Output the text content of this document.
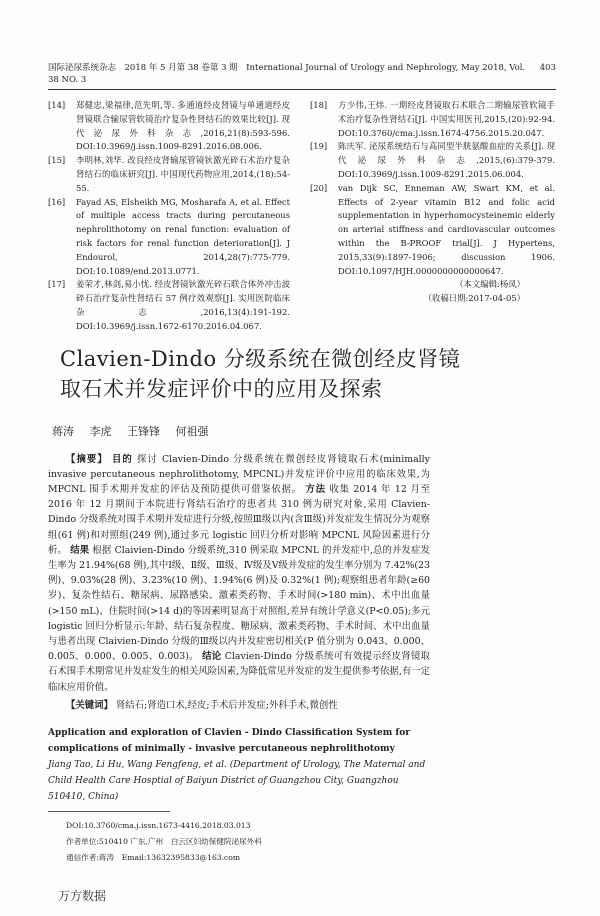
国际泌尿系统杂志　2018 年 5 月第 38 卷第 3 期　International Journal of Urology and Nephrology, May 2018, Vol. 38 NO. 3
403
[14]	郑健忠,梁福律,范先明,等. 多通道经皮肾镜与单通道经皮肾镜联合输尿管软镜治疗复杂性肾结石的效果比较[J]. 现代泌尿外科杂志,2016,21(8):593-596. DOI:10.3969/j.issn.1009-8291.2016.08.006.
[15]	李明林,刘华. 改良经皮肾输尿管镜钬激光碎石术治疗复杂肾结石的临床研究[J]. 中国现代药物应用,2014,(18):54-55.
[16]	Fayad AS, Elsheikh MG, Mosharafa A, et al. Effect of multiple access tracts during percutaneous nephrolithotomy on renal function: evaluation of risk factors for renal function deterioration[J]. J Endourol, 2014,28(7):775-779. DOI:10.1089/end.2013.0771.
[17]	姜荣才,林剑,易小忧. 经皮肾镜钬激光碎石联合体外冲击波碎石治疗复杂性肾结石 57 例疗效观察[J]. 实用医院临床杂志,2016,13(4):191-192. DOI:10.3969/j.issn.1672-6170.2016.04.067.
[18]	方少伟,王炜. 一期经皮肾镜取石术联合二期输尿管软镜手术治疗复杂性肾结石[J]. 中国实用医刊,2015,(20):92-94. DOI:10.3760/cma.j.issn.1674-4756.2015.20.047.
[19]	陈庆军. 泌尿系统结石与高同型半胱氨酸血症的关系[J]. 现代泌尿外科杂志,2015,(6):379-379. DOI:10.3969/j.issn.1009-8291.2015.06.004.
[20]	van Dijk SC, Enneman AW, Swart KM, et al. Effects of 2-year vitamin B12 and folic acid supplementation in hyperhomocysteinemic elderly on arterial stiffness and cardiovascular outcomes within the B-PROOF trial[J]. J Hypertens, 2015,33(9):1897-1906; discussion 1906. DOI:10.1097/HJH.0000000000000647.
（本文编辑:杨凤）
（收稿日期:2017-04-05）
Clavien-Dindo 分级系统在微创经皮肾镜
取石术并发症评价中的应用及探索
蒋涛 李虎 王锋锋 何祖强
【摘要】 目的 探讨 Clavien-Dindo 分级系统在微创经皮肾镜取石术(minimally invasive percutaneous nephrolithotomy, MPCNL)并发症评价中应用的临床效果,为 MPCNL 围手术期并发症的评估及预防提供可借鉴依据。 方法 收集 2014 年 12 月至 2016 年 12 月期间于本院进行肾结石治疗的患者共 310 例为研究对象,采用 Clavien-Dindo 分级系统对围手术期并发症进行分级,按照Ⅲ级以内(含Ⅲ级)并发症发生情况分为观察组(61 例)和对照组(249 例),通过多元 logistic 回归分析对影响 MPCNL 风险因素进行分析。 结果 根据 Claivien-Dindo 分级系统,310 例采取 MPCNL 的并发症中,总的并发症发生率为 21.94%(68 例),其中Ⅰ级、Ⅱ级、Ⅲ级、Ⅳ级及Ⅴ级并发症的发生率分别为 7.42%(23 例)、9.03%(28 例)、3.23%(10 例)、1.94%(6 例)及 0.32%(1 例);观察组患者年龄(≥60 岁)、复杂性结石、糖尿病、尿路感染、激素类药物、手术时间(>180 min)、术中出血量(>150 mL)、住院时间(>14 d)的等因素明显高于对照组,差异有统计学意义(P<0.05);多元 logistic 回归分析显示:年龄、结石复杂程度、糖尿病、激素类药物、手术时间、术中出血量与患者出现 Claivien-Dindo 分级的Ⅲ级以内并发症密切相关(P 值分别为 0.043、0.000、0.005、0.000、0.005、0.003)。 结论 Clavien-Dindo 分级系统可有效提示经皮肾镜取石术围手术期常见并发症发生的相关风险因素,为降低常见并发症的发生提供参考依据,有一定临床应用价值。
【关键词】 肾结石;肾造口术,经皮;手术后并发症;外科手术,微创性
Application and exploration of Clavien - Dindo Classification System for complications of minimally - invasive percutaneous nephrolithotomy
Jiang Tao, Li Hu, Wang Fengfeng, et al. (Department of Urology, The Maternal and Child Health Care Hosptial of Baiyun District of Guangzhou City, Guangzhou 510410, China)
DOI:10.3760/cma.j.issn.1673-4416.2018.03.013
作者单位:510410 广东,广州　白云区妇幼保健院泌尿外科
通信作者:蒋涛　Email:13632395833@163.com
万方数据
